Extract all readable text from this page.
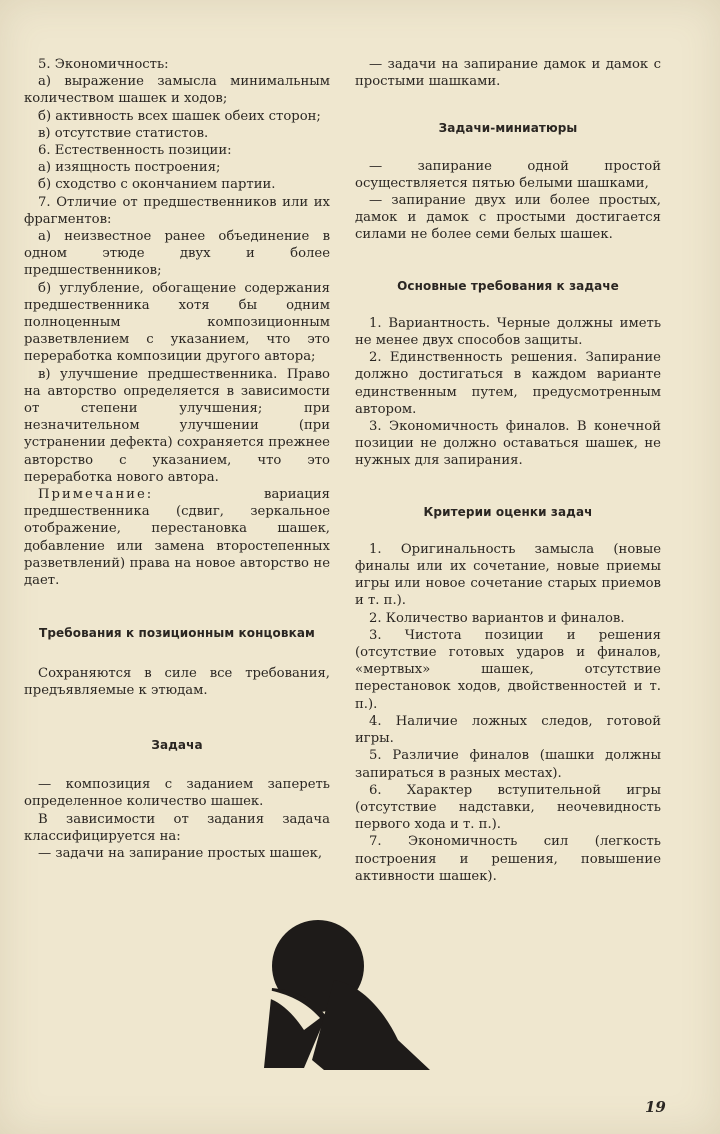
5. Экономичность:

а) выражение замысла минимальным количеством шашек и ходов;

б) активность всех шашек обеих сторон;

в) отсутствие статистов.

6. Естественность позиции:

а) изящность построения;

б) сходство с окончанием партии.

7. Отличие от предшественников или их фрагментов:

а) неизвестное ранее объединение в одном этюде двух и более предшественников;

б) углубление, обогащение содержания предшественника хотя бы одним полноценным композиционным разветвлением с указанием, что это переработка композиции другого автора;

в) улучшение предшественника. Право на авторство определяется в зависимости от степени улучшения; при незначительном улучшении (при устранении дефекта) сохраняется прежнее авторство с указанием, что это переработка нового автора.

Примечание: вариация предшественника (сдвиг, зеркальное отображение, перестановка шашек, добавление или замена второстепенных разветвлений) права на новое авторство не дает.

Требования к позиционным концовкам

Сохраняются в силе все требования, предъявляемые к этюдам.

Задача

— композиция с заданием запереть определенное количество шашек.

В зависимости от задания задача классифицируется на:

— задачи на запирание простых шашек,

— задачи на запирание дамок и дамок с простыми шашками.

Задачи-миниатюры

— запирание одной простой осуществляется пятью белыми шашками,

— запирание двух или более простых, дамок и дамок с простыми достигается силами не более семи белых шашек.

Основные требования к задаче

1. Вариантность. Черные должны иметь не менее двух способов защиты.

2. Единственность решения. Запирание должно достигаться в каждом варианте единственным путем, предусмотренным автором.

3. Экономичность финалов. В конечной позиции не должно оставаться шашек, не нужных для запирания.

Критерии оценки задач

1. Оригинальность замысла (новые финалы или их сочетание, новые приемы игры или новое сочетание старых приемов и т. п.).

2. Количество вариантов и финалов.

3. Чистота позиции и решения (отсутствие готовых ударов и финалов, «мертвых» шашек, отсутствие перестановок ходов, двойственностей и т. п.).

4. Наличие ложных следов, готовой игры.

5. Различие финалов (шашки должны запираться в разных местах).

6. Характер вступительной игры (отсутствие надставки, неочевидность первого хода и т. п.).

7. Экономичность сил (легкость построения и решения, повышение активности шашек).

19
